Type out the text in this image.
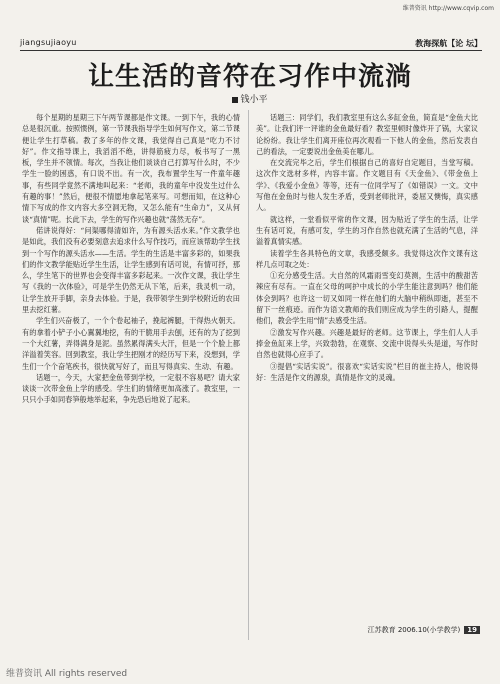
维普资讯 http://www.cqvip.com
jiangsujiaoyu	教海探航【论 坛】
让生活的音符在习作中流淌
钱小平

每个星期的星期三下午两节课都是作文课。一到下午，我的心情总是很沉重。按照惯例，第一节课我指导学生如何写作文，第二节课便让学生打草稿。教了多年的作文课，我觉得自己真是“吃力不讨好”。作文指导课上，我滔滔不绝，讲得筋疲力尽，板书写了一黑板，学生并不领情。每次，当我让他们谈谈自己打算写什么时，不少学生一脸的困惑，有口说不出。有一次，我布置学生写一件童年趣事，有些同学竟然不满地叫起来：“老师，我的童年中没发生过什么有趣的事！”然后，便很不情愿地拿起笔来写。可想而知，在这种心情下写成的作文内容大多空洞无物，又怎么能有“生命力”，又从何谈“真情”呢。长此下去，学生的写作兴趣也就“荡然无存”。

偌讲说得好：“问渠哪得清如许，为有源头活水来。”作文教学也是如此，我们没有必要刻意去追求什么写作技巧，而应该帮助学生找到一个写作的源头活水——生活。学生的生活是丰富多彩的，如果我们的作文教学能贴近学生生活，让学生感到有话可说，有情可抒，那么，学生笔下的世界也会变得丰富多彩起来。一次作文课，我让学生写《我的一次体验》，可是学生仍然无从下笔，后来，我灵机一动，让学生放开手脚，亲身去体验。于是，我带领学生到学校附近的农田里去挖红薯。

学生们兴奋极了，一个个卷起袖子，挽起裤腿，干得热火朝天。有的拿着小铲子小心翼翼地挖，有的干脆用手去刨，还有的为了挖到一个大红薯，弄得满身是泥。虽然累得满头大汗，但是一个个脸上都洋溢着笑容。回到教室，我让学生把刚才的经历写下来，没想到，学生们一个个奋笔疾书，很快就写好了，而且写得真实、生动、有趣。

话题一，今天，大家把金鱼带到学校，一定很不容易吧？请大家谈谈一次带金鱼上学的感受。学生们的情绪更加高涨了。教室里，一只只小手如同春笋般地举起来，争先恐后地说了起来。

话题三：同学们，我们教室里有这么多缸金鱼，简直是“金鱼大比美”。让我们评一评谁的金鱼最好看？教室里顿时像炸开了锅，大家议论纷纷。我让学生们离开座位再次观看一下他人的金鱼，然后发表自己的看法，一定要说出金鱼美在哪儿。

在交流完毕之后，学生们根据自己的喜好自定题目，当堂写稿。这次作文选材多样，内容丰富。作文题目有《天金鱼》、《带金鱼上学》、《我爱小金鱼》等等，还有一位同学写了《如错误》一文。文中写他在金鱼时与他人发生矛盾，受到老师批评，委屈又懊悔，真实感人。

就这样，一堂看似平常的作文课，因为贴近了学生的生活，让学生有话可说，有感可发，学生的习作自然也就充满了生活的气息，洋溢着真情实感。

读着学生各具特色的文章，我感受颇多。我觉得这次作文课有这样几点可取之处：

①充分感受生活。大自然的风霜雨雪变幻莫测，生活中的酸甜苦辣应有尽有。一直在父母的呵护中成长的小学生能注意到吗？他们能体会到吗？也许这一切又如同一样在他们的大脑中稍纵即逝，甚至不留下一丝痕迹。而作为语文教师的我们则应成为学生的引路人，提醒他们，教会学生用“情”去感受生活。

②激发写作兴趣。兴趣是最好的老师。这节课上，学生们人人手捧金鱼缸来上学，兴致勃勃，在观察、交流中说得头头是道，写作时自然也就得心应手了。

③提倡“实话实说”。很喜欢“实话实说”栏目的崔主持人，他说得好：生活是作文的源泉，真情是作文的灵魂。

江苏教育 2006.10(小学教学) 19
维普资讯 All rights reserved
